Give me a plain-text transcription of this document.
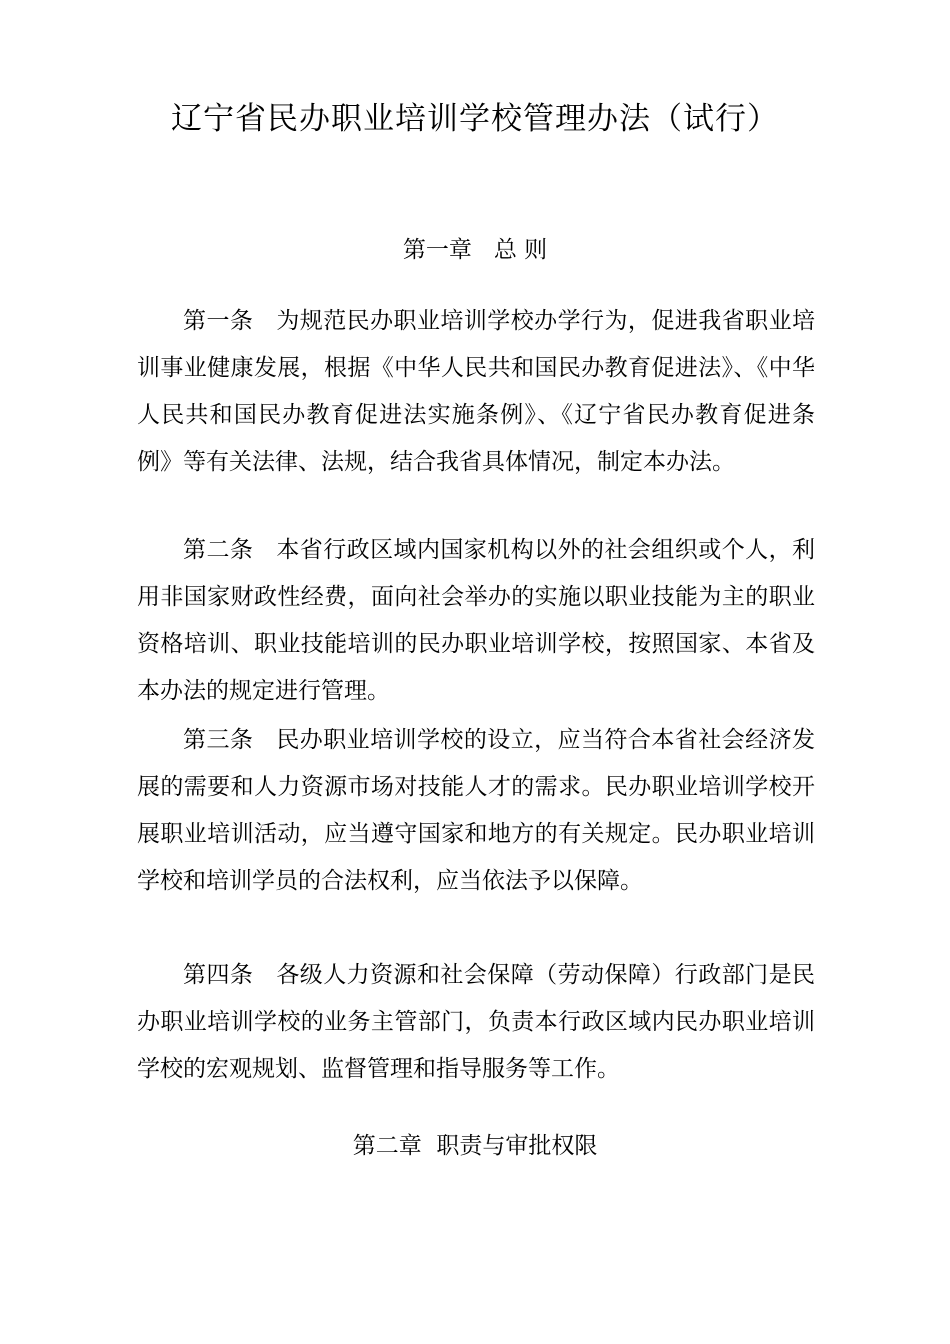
辽宁省民办职业培训学校管理办法（试行）
第一章 总 则

第一条 为规范民办职业培训学校办学行为，促进我省职业培训事业健康发展，根据《中华人民共和国民办教育促进法》、《中华人民共和国民办教育促进法实施条例》、《辽宁省民办教育促进条例》等有关法律、法规，结合我省具体情况，制定本办法。

第二条 本省行政区域内国家机构以外的社会组织或个人，利用非国家财政性经费，面向社会举办的实施以职业技能为主的职业资格培训、职业技能培训的民办职业培训学校，按照国家、本省及本办法的规定进行管理。

第三条 民办职业培训学校的设立，应当符合本省社会经济发展的需要和人力资源市场对技能人才的需求。民办职业培训学校开展职业培训活动，应当遵守国家和地方的有关规定。民办职业培训学校和培训学员的合法权利，应当依法予以保障。

第四条 各级人力资源和社会保障（劳动保障）行政部门是民办职业培训学校的业务主管部门，负责本行政区域内民办职业培训学校的宏观规划、监督管理和指导服务等工作。

第二章 职责与审批权限
